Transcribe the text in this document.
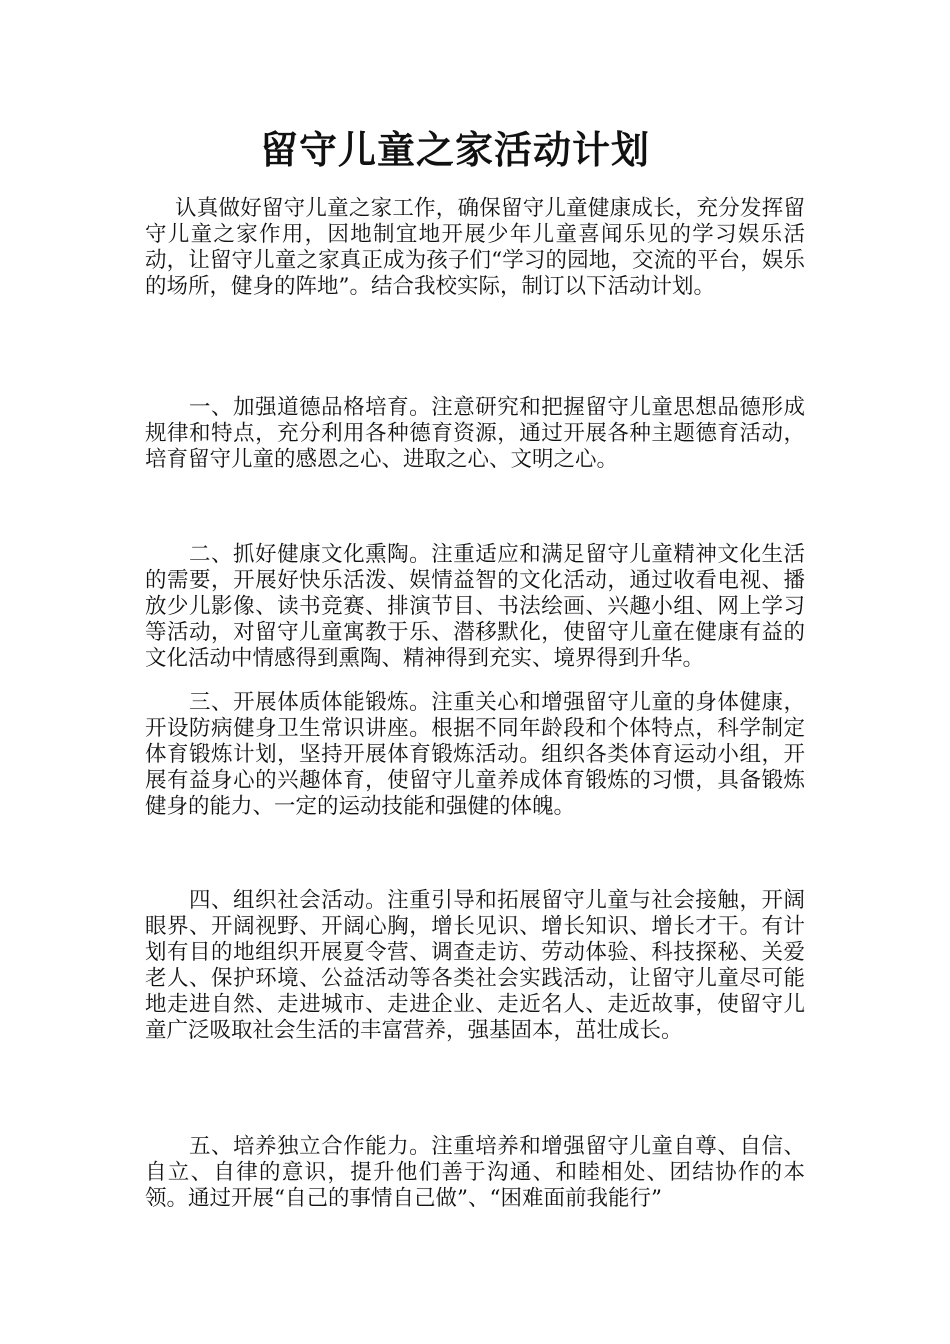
留守儿童之家活动计划

认真做好留守儿童之家工作，确保留守儿童健康成长，充分发挥留守儿童之家作用，因地制宜地开展少年儿童喜闻乐见的学习娱乐活动，让留守儿童之家真正成为孩子们“学习的园地，交流的平台，娱乐的场所，健身的阵地”。结合我校实际，制订以下活动计划。

一、加强道德品格培育。注意研究和把握留守儿童思想品德形成规律和特点，充分利用各种德育资源，通过开展各种主题德育活动，培育留守儿童的感恩之心、进取之心、文明之心。

二、抓好健康文化熏陶。注重适应和满足留守儿童精神文化生活的需要，开展好快乐活泼、娱情益智的文化活动，通过收看电视、播放少儿影像、读书竞赛、排演节目、书法绘画、兴趣小组、网上学习等活动，对留守儿童寓教于乐、潜移默化，使留守儿童在健康有益的文化活动中情感得到熏陶、精神得到充实、境界得到升华。

三、开展体质体能锻炼。注重关心和增强留守儿童的身体健康，开设防病健身卫生常识讲座。根据不同年龄段和个体特点，科学制定体育锻炼计划，坚持开展体育锻炼活动。组织各类体育运动小组，开展有益身心的兴趣体育，使留守儿童养成体育锻炼的习惯，具备锻炼健身的能力、一定的运动技能和强健的体魄。

四、组织社会活动。注重引导和拓展留守儿童与社会接触，开阔眼界、开阔视野、开阔心胸，增长见识、增长知识、增长才干。有计划有目的地组织开展夏令营、调查走访、劳动体验、科技探秘、关爱老人、保护环境、公益活动等各类社会实践活动，让留守儿童尽可能地走进自然、走进城市、走进企业、走近名人、走近故事，使留守儿童广泛吸取社会生活的丰富营养，强基固本，茁壮成长。

五、培养独立合作能力。注重培养和增强留守儿童自尊、自信、自立、自律的意识，提升他们善于沟通、和睦相处、团结协作的本领。通过开展“自己的事情自己做”、“困难面前我能行”
